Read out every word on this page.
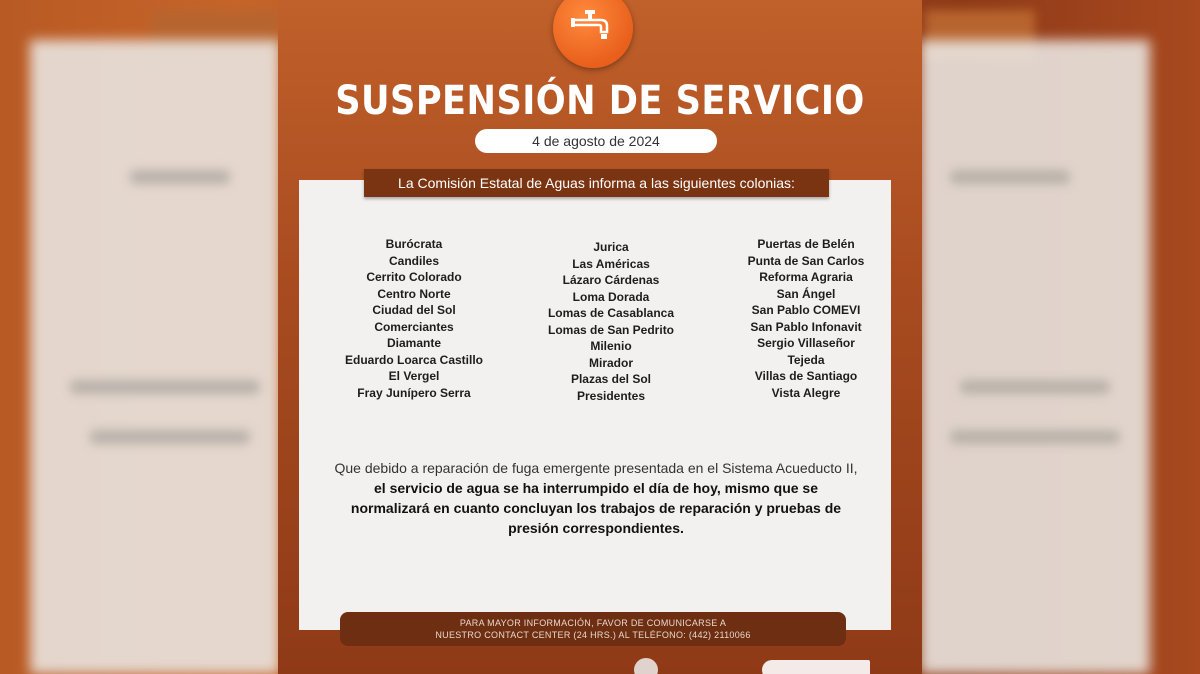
SUSPENSIÓN DE SERVICIO
4 de agosto de 2024
La Comisión Estatal de Aguas informa a las siguientes colonias:
Burócrata
Candiles
Cerrito Colorado
Centro Norte
Ciudad del Sol
Comerciantes
Diamante
Eduardo Loarca Castillo
El Vergel
Fray Junípero Serra
Jurica
Las Américas
Lázaro Cárdenas
Loma Dorada
Lomas de Casablanca
Lomas de San Pedrito
Milenio
Mirador
Plazas del Sol
Presidentes
Puertas de Belén
Punta de San Carlos
Reforma Agraria
San Ángel
San Pablo COMEVI
San Pablo Infonavit
Sergio Villaseñor
Tejeda
Villas de Santiago
Vista Alegre
Que debido a reparación de fuga emergente presentada en el Sistema Acueducto II, el servicio de agua se ha interrumpido el día de hoy, mismo que se normalizará en cuanto concluyan los trabajos de reparación y pruebas de presión correspondientes.
PARA MAYOR INFORMACIÓN, FAVOR DE COMUNICARSE A
NUESTRO CONTACT CENTER (24 HRS.) AL TELÉFONO: (442) 2110066
